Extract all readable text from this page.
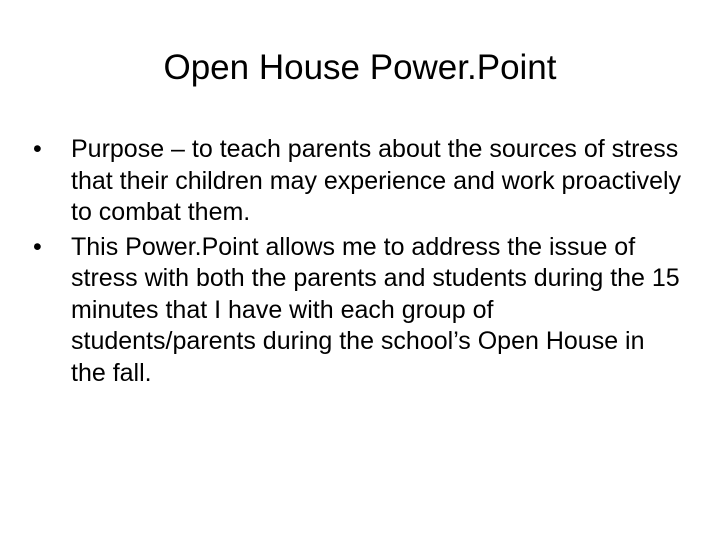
Open House Power.Point
•	Purpose – to teach parents about the sources of stress that their children may experience and work proactively to combat them.
•	This Power.Point allows me to address the issue of stress with both the parents and students during the 15 minutes that I have with each group of students/parents during the school’s Open House in the fall.
